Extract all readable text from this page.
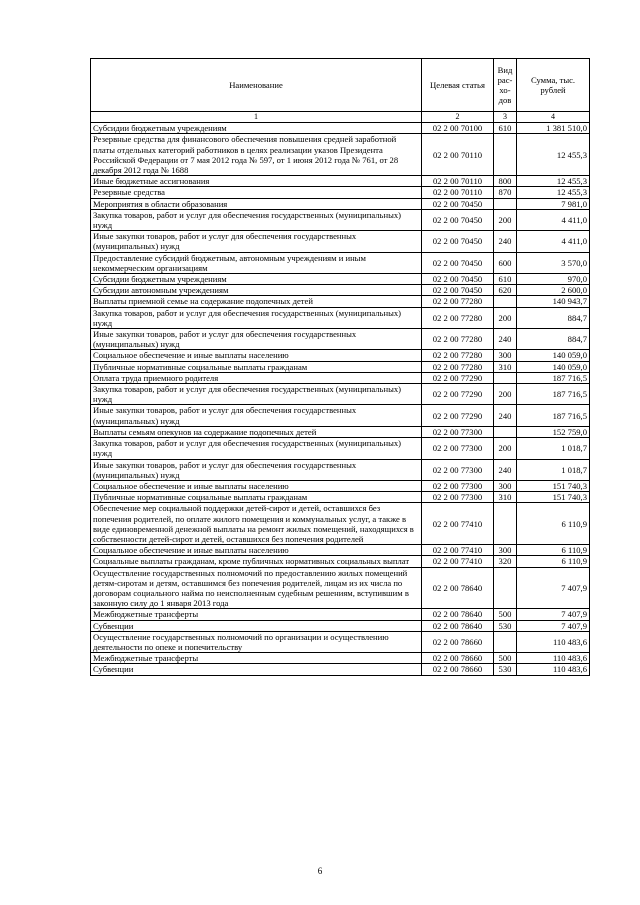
Наименование	Целевая статья	Вид рас-хо-дов	Сумма, тыс. рублей
1	2	3	4
Субсидии бюджетным учреждениям	02 2 00 70100	610	1 381 510,0
Резервные средства для финансового обеспечения повышения средней заработной платы отдельных категорий работников в целях реализации указов Президента Российской Федерации от 7 мая 2012 года № 597, от 1 июня 2012 года № 761, от 28 декабря 2012 года № 1688	02 2 00 70110		12 455,3
Иные бюджетные ассигнования	02 2 00 70110	800	12 455,3
Резервные средства	02 2 00 70110	870	12 455,3
Мероприятия в области образования	02 2 00 70450		7 981,0
Закупка товаров, работ и услуг для обеспечения государственных (муниципальных) нужд	02 2 00 70450	200	4 411,0
Иные закупки товаров, работ и услуг для обеспечения государственных (муниципальных) нужд	02 2 00 70450	240	4 411,0
Предоставление субсидий бюджетным, автономным учреждениям и иным некоммерческим организациям	02 2 00 70450	600	3 570,0
Субсидии бюджетным учреждениям	02 2 00 70450	610	970,0
Субсидии автономным учреждениям	02 2 00 70450	620	2 600,0
Выплаты приемной семье на содержание подопечных детей	02 2 00 77280		140 943,7
Закупка товаров, работ и услуг для обеспечения государственных (муниципальных) нужд	02 2 00 77280	200	884,7
Иные закупки товаров, работ и услуг для обеспечения государственных (муниципальных) нужд	02 2 00 77280	240	884,7
Социальное обеспечение и иные выплаты населению	02 2 00 77280	300	140 059,0
Публичные нормативные социальные выплаты гражданам	02 2 00 77280	310	140 059,0
Оплата труда приемного родителя	02 2 00 77290		187 716,5
Закупка товаров, работ и услуг для обеспечения государственных (муниципальных) нужд	02 2 00 77290	200	187 716,5
Иные закупки товаров, работ и услуг для обеспечения государственных (муниципальных) нужд	02 2 00 77290	240	187 716,5
Выплаты семьям опекунов на содержание подопечных детей	02 2 00 77300		152 759,0
Закупка товаров, работ и услуг для обеспечения государственных (муниципальных) нужд	02 2 00 77300	200	1 018,7
Иные закупки товаров, работ и услуг для обеспечения государственных (муниципальных) нужд	02 2 00 77300	240	1 018,7
Социальное обеспечение и иные выплаты населению	02 2 00 77300	300	151 740,3
Публичные нормативные социальные выплаты гражданам	02 2 00 77300	310	151 740,3
Обеспечение мер социальной поддержки детей-сирот и детей, оставшихся без попечения родителей, по оплате жилого помещения и коммунальных услуг, а также в виде единовременной денежной выплаты на ремонт жилых помещений, находящихся в собственности детей-сирот и детей, оставшихся без попечения родителей	02 2 00 77410		6 110,9
Социальное обеспечение и иные выплаты населению	02 2 00 77410	300	6 110,9
Социальные выплаты гражданам, кроме публичных нормативных социальных выплат	02 2 00 77410	320	6 110,9
Осуществление государственных полномочий по предоставлению жилых помещений детям-сиротам и детям, оставшимся без попечения родителей, лицам из их числа по договорам социального найма по неисполненным судебным решениям, вступившим в законную силу до 1 января 2013 года	02 2 00 78640		7 407,9
Межбюджетные трансферты	02 2 00 78640	500	7 407,9
Субвенции	02 2 00 78640	530	7 407,9
Осуществление государственных полномочий по организации и осуществлению деятельности по опеке и попечительству	02 2 00 78660		110 483,6
Межбюджетные трансферты	02 2 00 78660	500	110 483,6
Субвенции	02 2 00 78660	530	110 483,6
6
